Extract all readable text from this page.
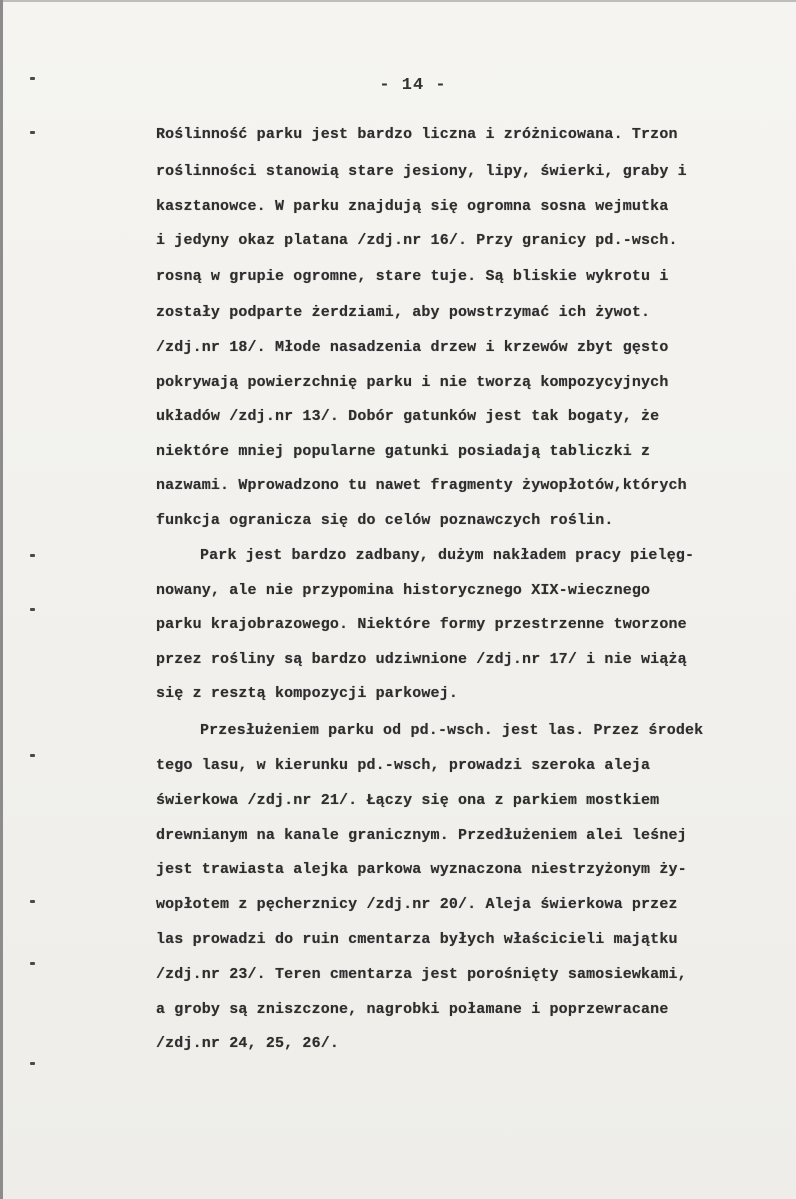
- 14 -
Roślinność parku jest bardzo liczna i zróżnicowana. Trzon
roślinności stanowią stare jesiony, lipy, świerki, graby i
kasztanowce. W parku znajdują się ogromna sosna wejmutka
i jedyny okaz platana /zdj.nr 16/. Przy granicy pd.-wsch.
rosną w grupie ogromne, stare tuje. Są bliskie wykrotu i
zostały podparte żerdziami, aby powstrzymać ich żywot.
/zdj.nr 18/. Młode nasadzenia drzew i krzewów zbyt gęsto
pokrywają powierzchnię parku i nie tworzą kompozycyjnych
układów /zdj.nr 13/. Dobór gatunków jest tak bogaty, że
niektóre mniej popularne gatunki posiadają tabliczki z
nazwami. Wprowadzono tu nawet fragmenty żywopłotów,których
funkcja ogranicza się do celów poznawczych roślin.
Park jest bardzo zadbany, dużym nakładem pracy pielęg-
nowany, ale nie przypomina historycznego XIX-wiecznego
parku krajobrazowego. Niektóre formy przestrzenne tworzone
przez rośliny są bardzo udziwnione /zdj.nr 17/ i nie wiążą
się z resztą kompozycji parkowej.
Przesłużeniem parku od pd.-wsch. jest las. Przez środek
tego lasu, w kierunku pd.-wsch, prowadzi szeroka aleja
świerkowa /zdj.nr 21/. Łączy się ona z parkiem mostkiem
drewnianym na kanale granicznym. Przedłużeniem alei leśnej
jest trawiasta alejka parkowa wyznaczona niestrzyżonym ży-
wopłotem z pęcherznicy /zdj.nr 20/. Aleja świerkowa przez
las prowadzi do ruin cmentarza byłych właścicieli majątku
/zdj.nr 23/. Teren cmentarza jest porośnięty samosiewkami,
a groby są zniszczone, nagrobki połamane i poprzewracane
/zdj.nr 24, 25, 26/.
